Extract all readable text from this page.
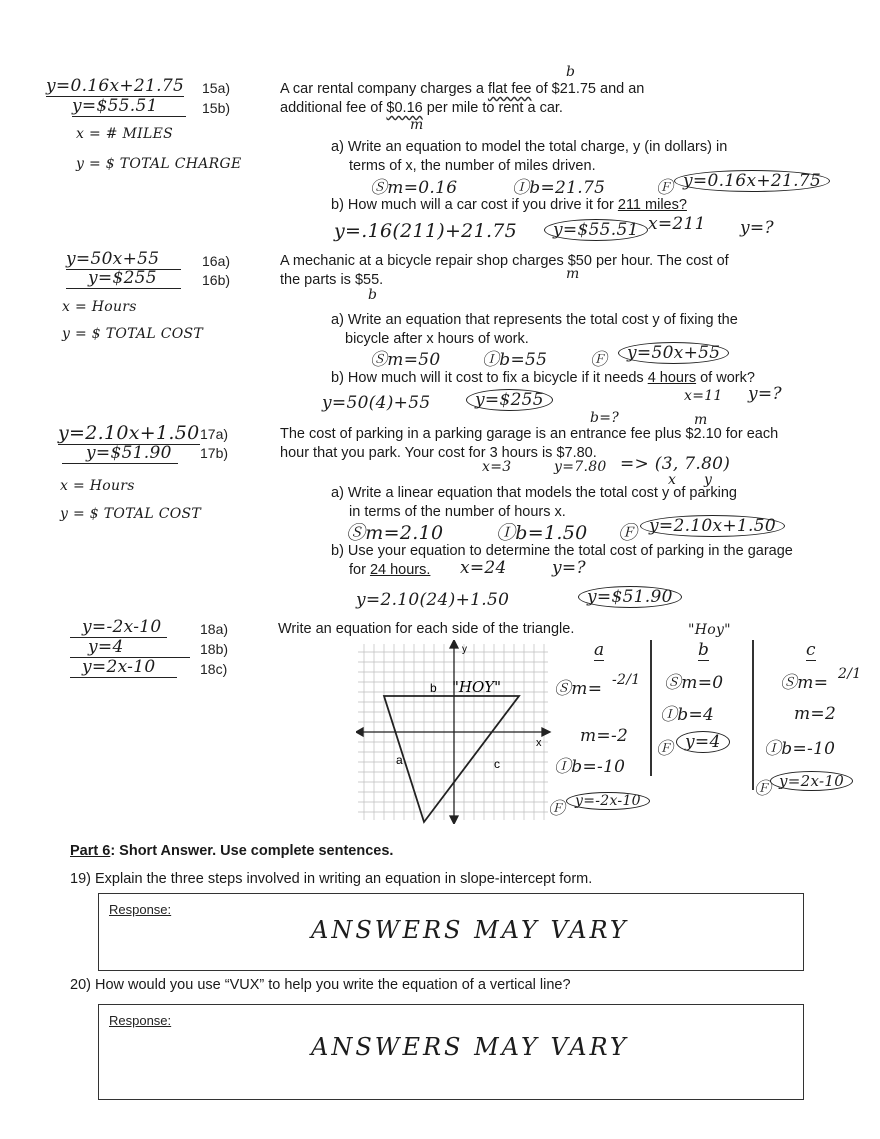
y=0.16x+21.75 15a)
y=$55.51	15b)
x = # MILES
y = $ TOTAL CHARGE
b
A car rental company charges a flat fee of $21.75 and an
additional fee of $0.16 per mile to rent a car.
m
a) Write an equation to model the total charge, y (in dollars) in
terms of x, the number of miles driven.
Ⓢm=0.16	Ⓘb=21.75	Ⓕ y=0.16x+21.75
b) How much will a car cost if you drive it for 211 miles?
y=.16(211)+21.75	y=$55.51 x=211 y=?
y=50x+55	16a)
y=$255	16b)
x = Hours
y = $ TOTAL COST
A mechanic at a bicycle repair shop charges $50 per hour. The cost of
the parts is $55.
b
m
a) Write an equation that represents the total cost y of fixing the
bicycle after x hours of work.
Ⓢm=50 Ⓘb=55	Ⓕ	y=50x+55
b) How much will it cost to fix a bicycle if it needs 4 hours of work?
y=50(4)+55	y=$255	x=11 y=?
y=2.10x+1.50 17a)
y=$51.90	17b)
x = Hours
y = $ TOTAL COST
b=?	m
The cost of parking in a parking garage is an entrance fee plus $2.10 for each
hour that you park. Your cost for 3 hours is $7.80.
x=3	y=7.80 => (3, 7.80)
x y
a) Write a linear equation that models the total cost y of parking
in terms of the number of hours x.
Ⓢm=2.10	Ⓘb=1.50 Ⓕ y=2.10x+1.50
b) Use your equation to determine the total cost of parking in the garage
for 24 hours. x=24	y=?
y=2.10(24)+1.50	y=$51.90
y=-2x-10	18a)
y=4	18b)
y=2x-10	18c)
Write an equation for each side of the triangle.
y
x
b
a	c
"HOY"
a
Ⓢm= -2/1
m=-2
Ⓘb=-10
Ⓕ y=-2x-10
"Hoy"
b
Ⓢm=0
Ⓘb=4
Ⓕ y=4
c
Ⓢm= 2/1
m=2
Ⓘb=-10
Ⓕ y=2x-10
Part 6: Short Answer. Use complete sentences.
19) Explain the three steps involved in writing an equation in slope-intercept form.
Response:
ANSWERS MAY VARY
20) How would you use “VUX” to help you write the equation of a vertical line?
Response:
ANSWERS MAY VARY
